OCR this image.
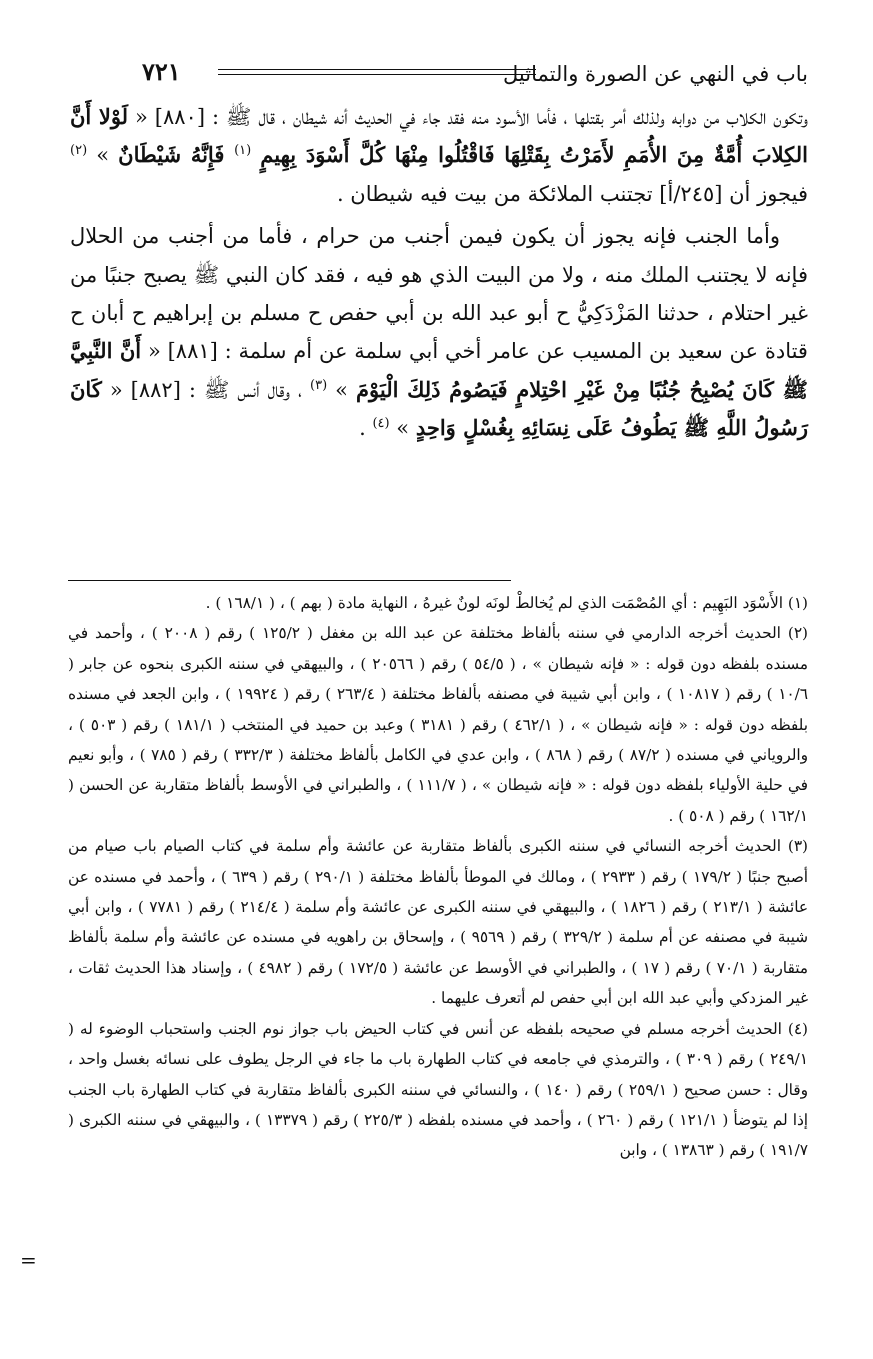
باب في النهي عن الصورة والتماثيل
٧٢١

وتكون الكلاب من دوابه ولذلك أمر بقتلها ، فأما الأسود منه فقد جاء في الحديث أنه شيطان ، قال ﷺ : [٨٨٠] « لَوْلا أَنَّ الكِلابَ أُمَّةٌ مِنَ الأُمَمِ لأَمَرْتُ بِقَتْلِهَا فَاقْتُلُوا مِنْهَا كُلَّ أَسْوَدَ بِهِيمٍ $^{(١)}$ فَإِنَّهُ شَيْطَانٌ » $^{(٢)}$ فيجوز أن [٢٤٥/أ] تجتنب الملائكة من بيت فيه شيطان .

وأما الجنب فإنه يجوز أن يكون فيمن أجنب من حرام ، فأما من أجنب من الحلال فإنه لا يجتنب الملك منه ، ولا من البيت الذي هو فيه ، فقد كان النبي ﷺ يصبح جنبًا من غير احتلام ، حدثنا المَزْدَكِيُّ ح أبو عبد الله بن أبي حفص ح مسلم بن إبراهيم ح أبان ح قتادة عن سعيد بن المسيب عن عامر أخي أبي سلمة عن أم سلمة : [٨٨١] « أَنَّ النَّبِيَّ ﷺ كَانَ يُصْبِحُ جُنُبًا مِنْ غَيْرِ احْتِلامٍ فَيَصُومُ ذَلِكَ الْيَوْمَ » $^{(٣)}$ ، وقال أنس ﷺ : [٨٨٢] « كَانَ رَسُولُ اللَّهِ ﷺ يَطُوفُ عَلَى نِسَائِهِ بِغُسْلٍ وَاحِدٍ » $^{(٤)}$ .

(١) الأَسْوَد البَهِيم : أي المُصْمَت الذي لم يُخالطْ لونَه لونٌ غيرهُ ، النهاية مادة ( بهم ) ، ( ١٦٨/١ ) .

(٢) الحديث أخرجه الدارمي في سننه بألفاظ مختلفة عن عبد الله بن مغفل ( ١٢٥/٢ ) رقم ( ٢٠٠٨ ) ، وأحمد في مسنده بلفظه دون قوله : « فإنه شيطان » ، ( ٥٤/٥ ) رقم ( ٢٠٥٦٦ ) ، والبيهقي في سننه الكبرى بنحوه عن جابر ( ١٠/٦ ) رقم ( ١٠٨١٧ ) ، وابن أبي شيبة في مصنفه بألفاظ مختلفة ( ٢٦٣/٤ ) رقم ( ١٩٩٢٤ ) ، وابن الجعد في مسنده بلفظه دون قوله : « فإنه شيطان » ، ( ٤٦٢/١ ) رقم ( ٣١٨١ ) وعبد بن حميد في المنتخب ( ١٨١/١ ) رقم ( ٥٠٣ ) ، والروياني في مسنده ( ٨٧/٢ ) رقم ( ٨٦٨ ) ، وابن عدي في الكامل بألفاظ مختلفة ( ٣٣٢/٣ ) رقم ( ٧٨٥ ) ، وأبو نعيم في حلية الأولياء بلفظه دون قوله : « فإنه شيطان » ، ( ١١١/٧ ) ، والطبراني في الأوسط بألفاظ متقاربة عن الحسن ( ١٦٢/١ ) رقم ( ٥٠٨ ) .

(٣) الحديث أخرجه النسائي في سننه الكبرى بألفاظ متقاربة عن عائشة وأم سلمة في كتاب الصيام باب صيام من أصبح جنبًا ( ١٧٩/٢ ) رقم ( ٢٩٣٣ ) ، ومالك في الموطأ بألفاظ مختلفة ( ٢٩٠/١ ) رقم ( ٦٣٩ ) ، وأحمد في مسنده عن عائشة ( ٢١٣/١ ) رقم ( ١٨٢٦ ) ، والبيهقي في سننه الكبرى عن عائشة وأم سلمة ( ٢١٤/٤ ) رقم ( ٧٧٨١ ) ، وابن أبي شيبة في مصنفه عن أم سلمة ( ٣٢٩/٢ ) رقم ( ٩٥٦٩ ) ، وإسحاق بن راهويه في مسنده عن عائشة وأم سلمة بألفاظ متقاربة ( ٧٠/١ ) رقم ( ١٧ ) ، والطبراني في الأوسط عن عائشة ( ١٧٢/٥ ) رقم ( ٤٩٨٢ ) ، وإسناد هذا الحديث ثقات ، غير المزدكي وأبي عبد الله ابن أبي حفص لم أتعرف عليهما .

(٤) الحديث أخرجه مسلم في صحيحه بلفظه عن أنس في كتاب الحيض باب جواز نوم الجنب واستحباب الوضوء له ( ٢٤٩/١ ) رقم ( ٣٠٩ ) ، والترمذي في جامعه في كتاب الطهارة باب ما جاء في الرجل يطوف على نسائه بغسل واحد ، وقال : حسن صحيح ( ٢٥٩/١ ) رقم ( ١٤٠ ) ، والنسائي في سننه الكبرى بألفاظ متقاربة في كتاب الطهارة باب الجنب إذا لم يتوضأ ( ١٢١/١ ) رقم ( ٢٦٠ ) ، وأحمد في مسنده بلفظه ( ٢٢٥/٣ ) رقم ( ١٣٣٧٩ ) ، والبيهقي في سننه الكبرى ( ١٩١/٧ ) رقم ( ١٣٨٦٣ ) ، وابن

=
